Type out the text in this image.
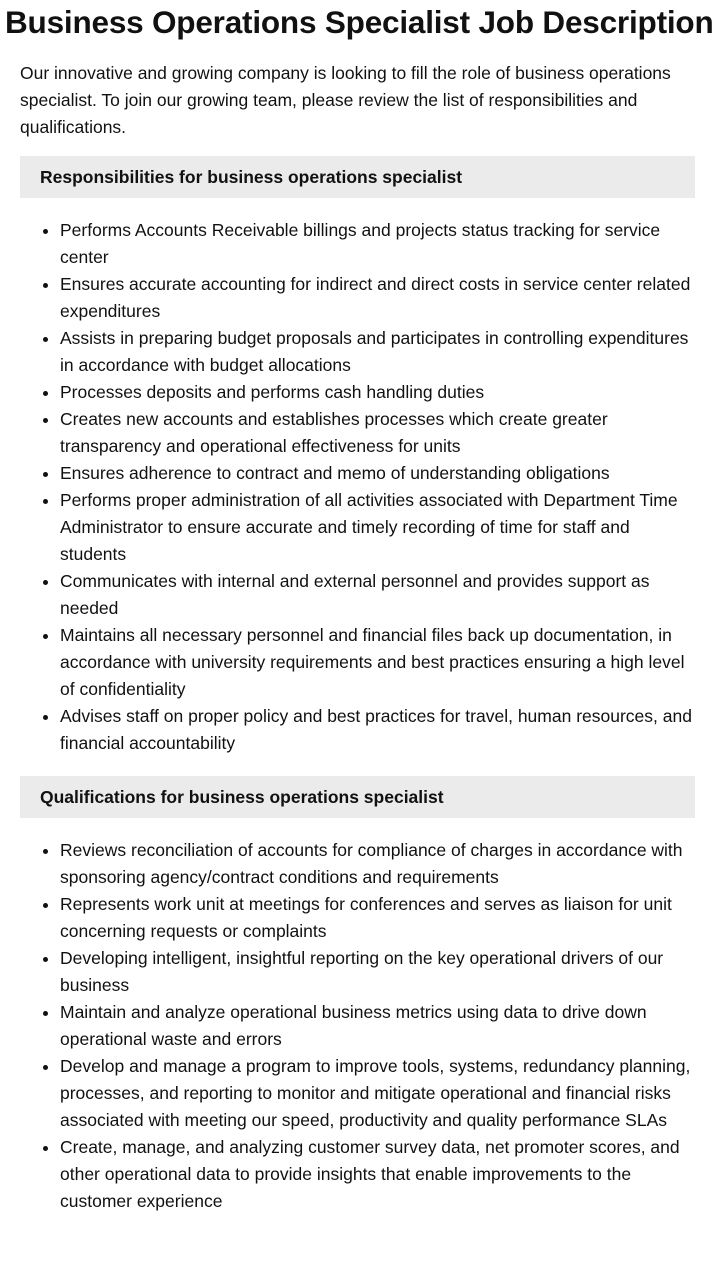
Business Operations Specialist Job Description

Our innovative and growing company is looking to fill the role of business operations specialist. To join our growing team, please review the list of responsibilities and qualifications.

Responsibilities for business operations specialist
• Performs Accounts Receivable billings and projects status tracking for service center
• Ensures accurate accounting for indirect and direct costs in service center related expenditures
• Assists in preparing budget proposals and participates in controlling expenditures in accordance with budget allocations
• Processes deposits and performs cash handling duties
• Creates new accounts and establishes processes which create greater transparency and operational effectiveness for units
• Ensures adherence to contract and memo of understanding obligations
• Performs proper administration of all activities associated with Department Time Administrator to ensure accurate and timely recording of time for staff and students
• Communicates with internal and external personnel and provides support as needed
• Maintains all necessary personnel and financial files back up documentation, in accordance with university requirements and best practices ensuring a high level of confidentiality
• Advises staff on proper policy and best practices for travel, human resources, and financial accountability
Qualifications for business operations specialist
• Reviews reconciliation of accounts for compliance of charges in accordance with sponsoring agency/contract conditions and requirements
• Represents work unit at meetings for conferences and serves as liaison for unit concerning requests or complaints
• Developing intelligent, insightful reporting on the key operational drivers of our business
• Maintain and analyze operational business metrics using data to drive down operational waste and errors
• Develop and manage a program to improve tools, systems, redundancy planning, processes, and reporting to monitor and mitigate operational and financial risks associated with meeting our speed, productivity and quality performance SLAs
• Create, manage, and analyzing customer survey data, net promoter scores, and other operational data to provide insights that enable improvements to the customer experience
